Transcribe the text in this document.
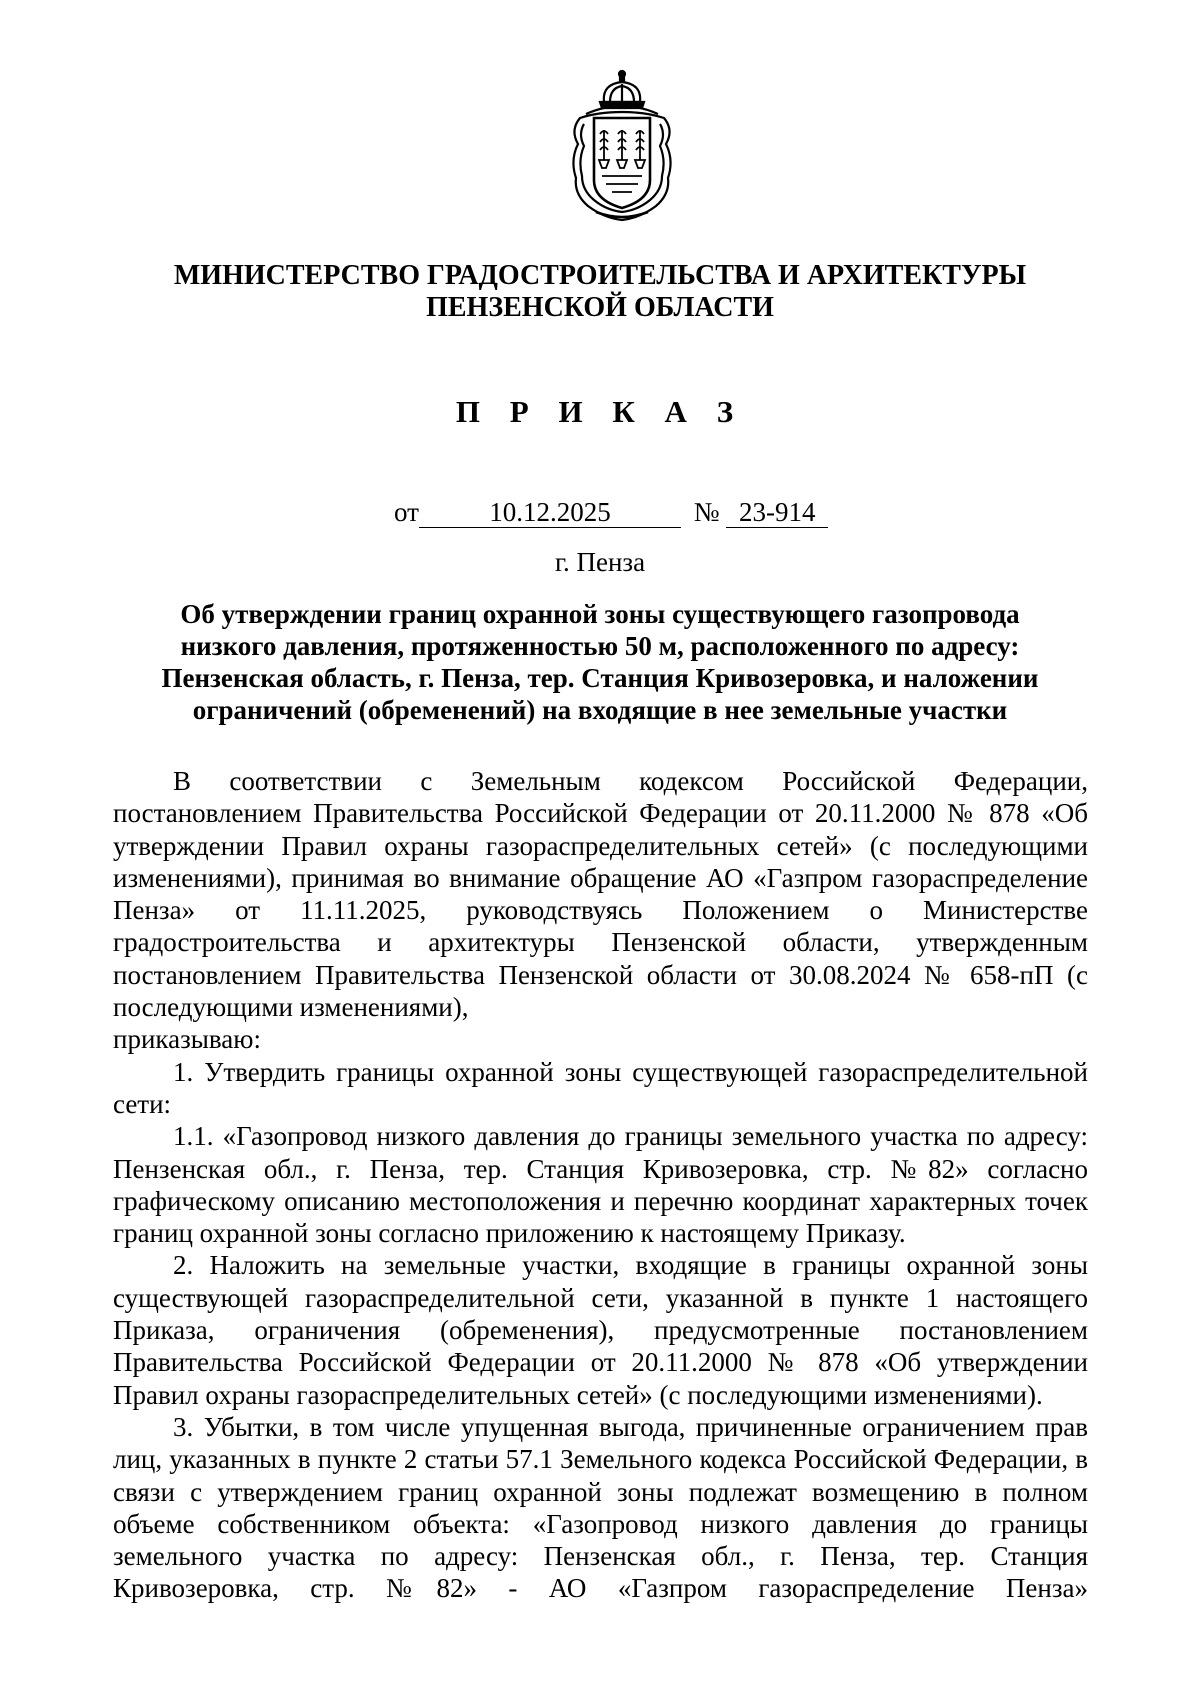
МИНИСТЕРСТВО ГРАДОСТРОИТЕЛЬСТВА И АРХИТЕКТУРЫ
ПЕНЗЕНСКОЙ ОБЛАСТИ
П Р И К А З
от	10.12.2025	№ 23-914
г. Пенза
Об утверждении границ охранной зоны существующего газопровода низкого давления, протяженностью 50 м, расположенного по адресу: Пензенская область, г. Пенза, тер. Станция Кривозеровка, и наложении ограничений (обременений) на входящие в нее земельные участки

В соответствии с Земельным кодексом Российской Федерации, постановлением Правительства Российской Федерации от 20.11.2000 № 878 «Об утверждении Правил охраны газораспределительных сетей» (с последующими изменениями), принимая во внимание обращение АО «Газпром газораспределение Пенза» от 11.11.2025, руководствуясь Положением о Министерстве градостроительства и архитектуры Пензенской области, утвержденным постановлением Правительства Пензенской области от 30.08.2024 № 658-пП (с последующими изменениями),

приказываю:

1. Утвердить границы охранной зоны существующей газораспределительной сети:

1.1. «Газопровод низкого давления до границы земельного участка по адресу: Пензенская обл., г. Пенза, тер. Станция Кривозеровка, стр. №82» согласно графическому описанию местоположения и перечню координат характерных точек границ охранной зоны согласно приложению к настоящему Приказу.

2. Наложить на земельные участки, входящие в границы охранной зоны существующей газораспределительной сети, указанной в пункте 1 настоящего Приказа, ограничения (обременения), предусмотренные постановлением Правительства Российской Федерации от 20.11.2000 № 878 «Об утверждении Правил охраны газораспределительных сетей» (с последующими изменениями).

3. Убытки, в том числе упущенная выгода, причиненные ограничением прав лиц, указанных в пункте 2 статьи 57.1 Земельного кодекса Российской Федерации, в связи с утверждением границ охранной зоны подлежат возмещению в полном объеме собственником объекта: «Газопровод низкого давления до границы земельного участка по адресу: Пензенская обл., г. Пенза, тер. Станция Кривозеровка, стр. №82» - АО «Газпром газораспределение Пенза»
